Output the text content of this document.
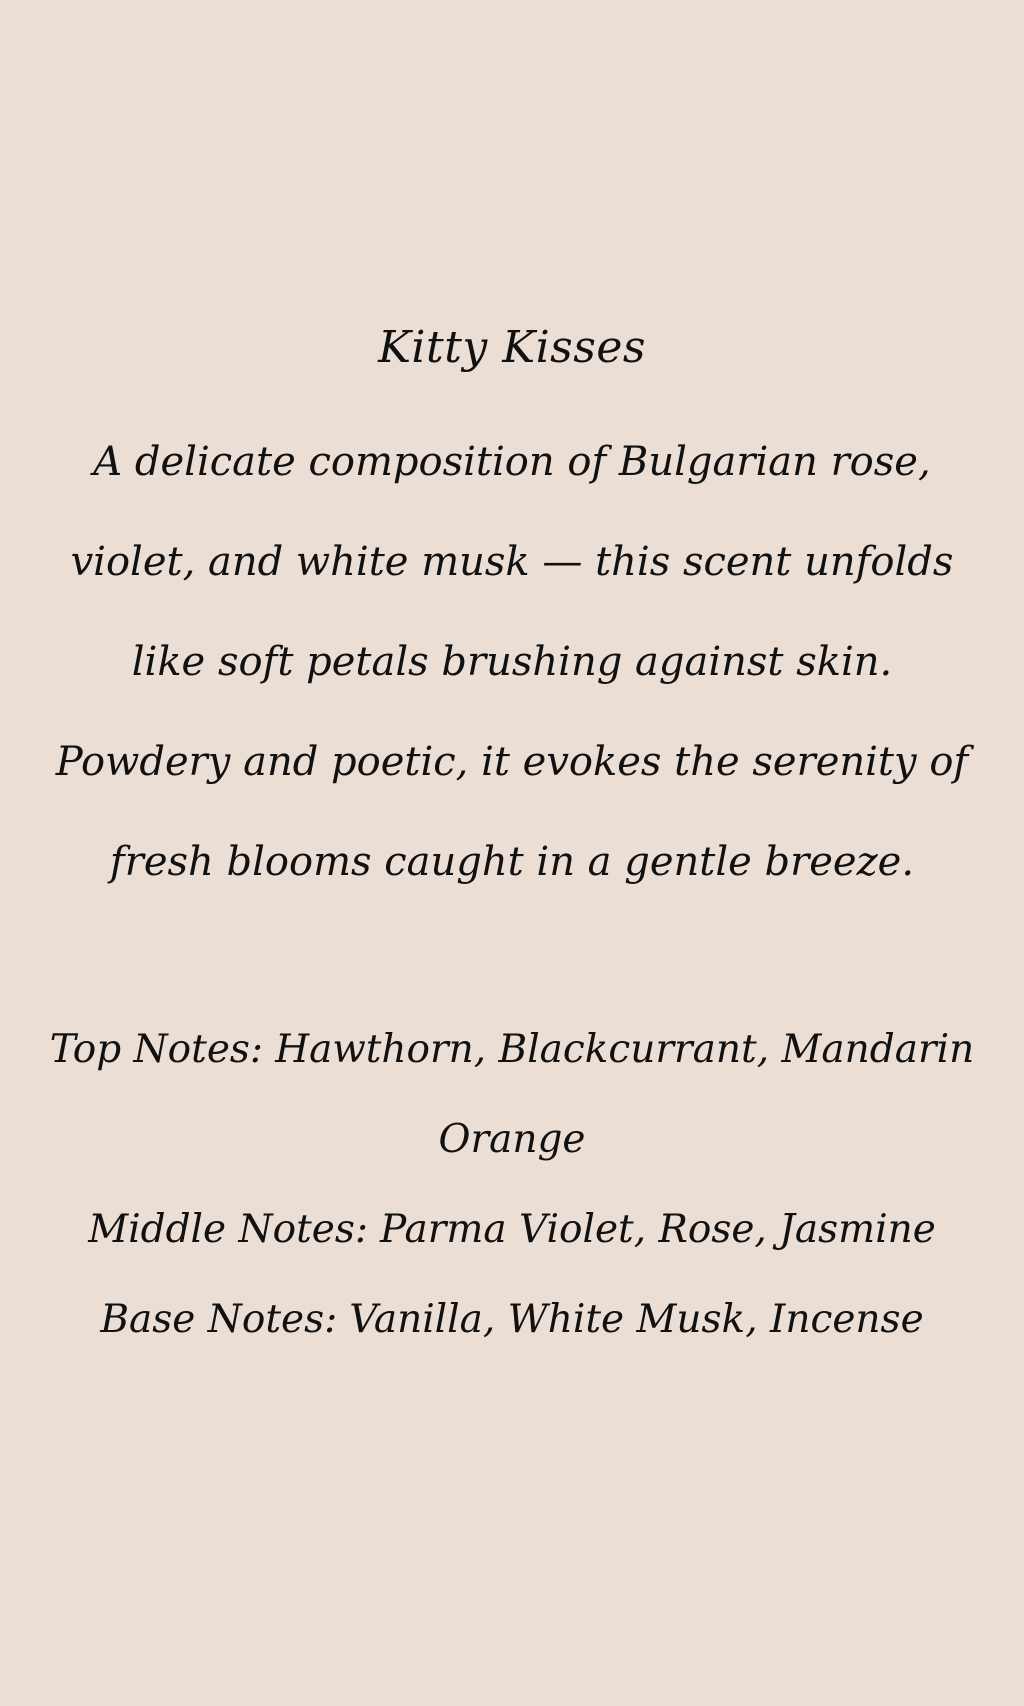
Kitty Kisses
A delicate composition of Bulgarian rose,
violet, and white musk — this scent unfolds
like soft petals brushing against skin.
Powdery and poetic, it evokes the serenity of
fresh blooms caught in a gentle breeze.
Top Notes: Hawthorn, Blackcurrant, Mandarin Orange
Middle Notes: Parma Violet, Rose, Jasmine
Base Notes: Vanilla, White Musk, Incense
